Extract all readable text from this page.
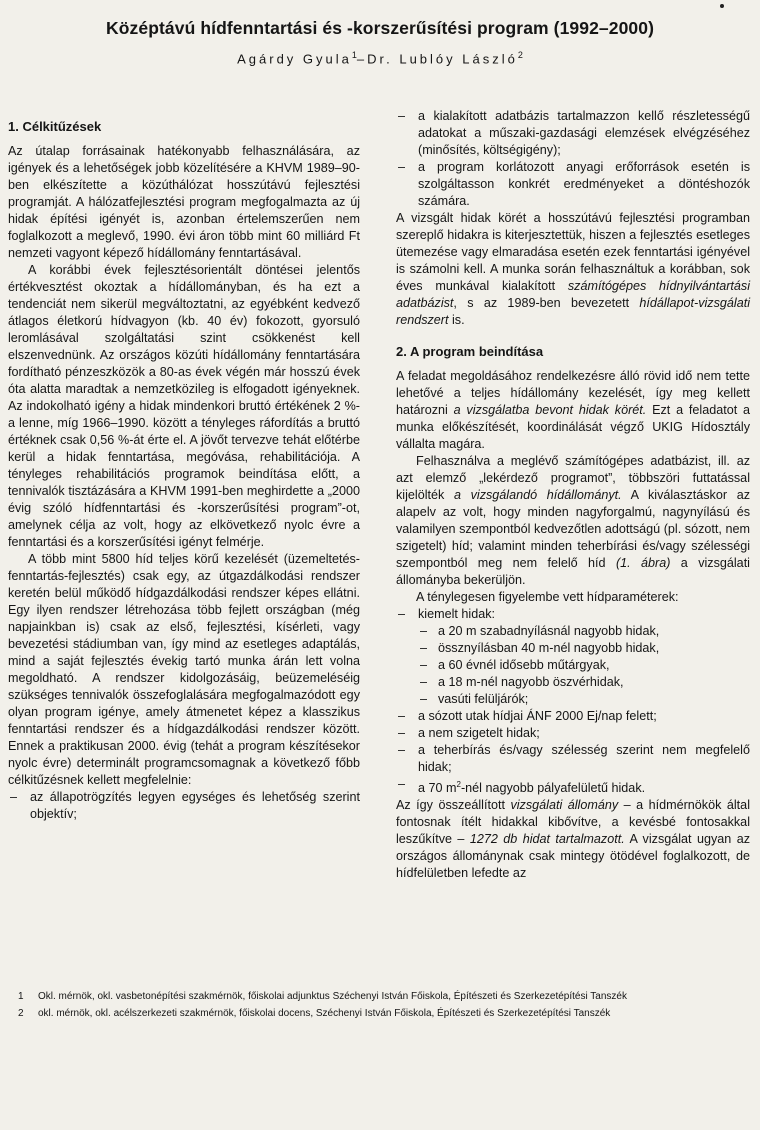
Középtávú hídfenntartási és -korszerűsítési program (1992–2000)
Agárdy Gyula$^1$–Dr. Lublóy László$^2$
1. Célkitűzések

Az útalap forrásainak hatékonyabb felhasználására, az igények és a lehetőségek jobb közelítésére a KHVM 1989–90-ben elkészítette a közúthálózat hosszútávú fejlesztési programját. A hálózatfejlesztési program megfogalmazta az új hidak építési igényét is, azonban értelemszerűen nem foglalkozott a meglevő, 1990. évi áron több mint 60 milliárd Ft nemzeti vagyont képező hídállomány fenntartásával.

A korábbi évek fejlesztésorientált döntései jelentős értékvesztést okoztak a hídállományban, és ha ezt a tendenciát nem sikerül megváltoztatni, az egyébként kedvező átlagos életkorú hídvagyon (kb. 40 év) fokozott, gyorsuló leromlásával szolgáltatási szint csökkenést kell elszenvednünk. Az országos közúti hídállomány fenntartására fordítható pénzeszközök a 80-as évek végén már hosszú évek óta alatta maradtak a nemzetközileg is elfogadott igényeknek. Az indokolható igény a hidak mindenkori bruttó értékének 2 %-a lenne, míg 1966–1990. között a tényleges ráfordítás a bruttó értéknek csak 0,56 %-át érte el. A jövőt tervezve tehát előtérbe kerül a hidak fenntartása, megóvása, rehabilitációja. A tényleges rehabilitációs programok beindítása előtt, a tennivalók tisztázására a KHVM 1991-ben meghirdette a „2000 évig szóló hídfenntartási és -korszerűsítési program”-ot, amelynek célja az volt, hogy az elkövetkező nyolc évre a fenntartási és a korszerűsítési igényt felmérje.

A több mint 5800 híd teljes körű kezelését (üzemeltetés-fenntartás-fejlesztés) csak egy, az útgazdálkodási rendszer keretén belül működő hídgazdálkodási rendszer képes ellátni. Egy ilyen rendszer létrehozása több fejlett országban (még napjainkban is) csak az első, fejlesztési, kísérleti, vagy bevezetési stádiumban van, így mind az esetleges adaptálás, mind a saját fejlesztés évekig tartó munka árán lett volna megoldható. A rendszer kidolgozásáig, beüzemeléséig szükséges tennivalók összefoglalására megfogalmazódott egy olyan program igénye, amely átmenetet képez a klasszikus fenntartási rendszer és a hídgazdálkodási rendszer között. Ennek a praktikusan 2000. évig (tehát a program készítésekor nyolc évre) determinált programcsomagnak a következő főbb célkitűzésnek kellett megfelelnie:

– az állapotrögzítés legyen egységes és lehetőség szerint objektív;
– a kialakított adatbázis tartalmazzon kellő részletességű adatokat a műszaki-gazdasági elemzések elvégzéséhez (minősítés, költségigény);
– a program korlátozott anyagi erőforrások esetén is szolgáltasson konkrét eredményeket a döntéshozók számára.

A vizsgált hidak körét a hosszútávú fejlesztési programban szereplő hidakra is kiterjesztettük, hiszen a fejlesztés esetleges ütemezése vagy elmaradása esetén ezek fenntartási igényével is számolni kell. A munka során felhasználtuk a korábban, sok éves munkával kialakított számítógépes hídnyilvántartási adatbázist, s az 1989-ben bevezetett hídállapot-vizsgálati rendszert is.

2. A program beindítása

A feladat megoldásához rendelkezésre álló rövid idő nem tette lehetővé a teljes hídállomány kezelését, így meg kellett határozni a vizsgálatba bevont hidak körét. Ezt a feladatot a munka előkészítését, koordinálását végző UKIG Hídosztály vállalta magára.

Felhasználva a meglévő számítógépes adatbázist, ill. az azt elemző „lekérdező programot”, többszöri futtatással kijelölték a vizsgálandó hídállományt. A kiválasztáskor az alapelv az volt, hogy minden nagyforgalmú, nagynyílású és valamilyen szempontból kedvezőtlen adottságú (pl. sózott, nem szigetelt) híd; valamint minden teherbírási és/vagy szélességi szempontból meg nem felelő híd (1. ábra) a vizsgálati állományba bekerüljön.

A ténylegesen figyelembe vett hídparaméterek:

– kiemelt hidak:
– a 20 m szabadnyílásnál nagyobb hidak,
– össznyílásban 40 m-nél nagyobb hidak,
– a 60 évnél idősebb műtárgyak,
– a 18 m-nél nagyobb öszvérhidak,
– vasúti felüljárók;
– a sózott utak hídjai ÁNF 2000 Ej/nap felett;
– a nem szigetelt hidak;
– a teherbírás és/vagy szélesség szerint nem megfelelő hidak;
– a 70 $m^2$-nél nagyobb pályafelületű hidak.

Az így összeállított vizsgálati állomány – a hídmérnökök által fontosnak ítélt hidakkal kibővítve, a kevésbé fontosakkal leszűkítve – 1272 db hidat tartalmazott. A vizsgálat ugyan az országos állománynak csak mintegy ötödével foglalkozott, de hídfelületben lefedte az

1 Okl. mérnök, okl. vasbetonépítési szakmérnök, főiskolai adjunktus Széchenyi István Főiskola, Építészeti és Szerkezetépítési Tanszék
2 okl. mérnök, okl. acélszerkezeti szakmérnök, főiskolai docens, Széchenyi István Főiskola, Építészeti és Szerkezetépítési Tanszék
